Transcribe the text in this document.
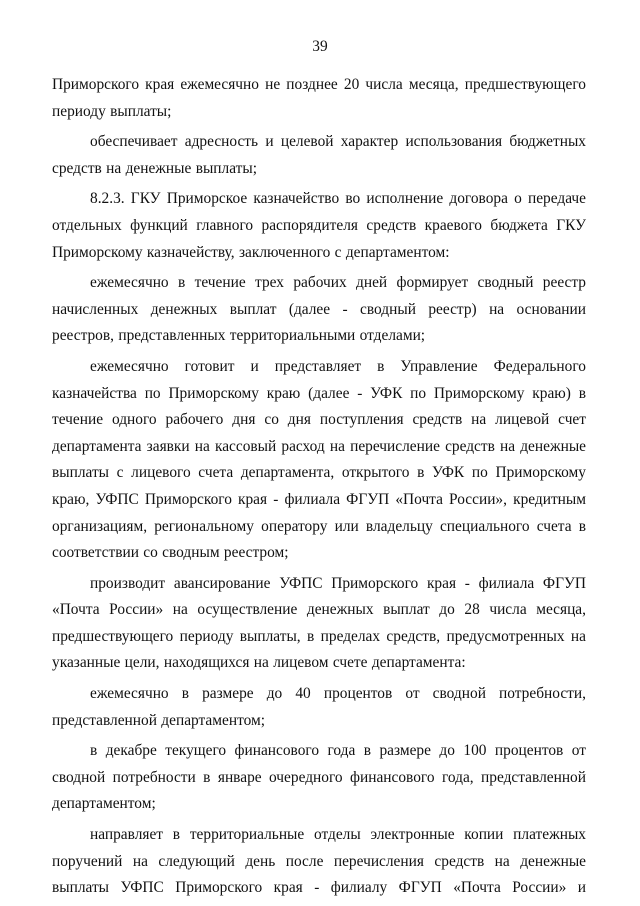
39

Приморского края ежемесячно не позднее 20 числа месяца, предшествующего периоду выплаты;

обеспечивает адресность и целевой характер использования бюджетных средств на денежные выплаты;

8.2.3. ГКУ Приморское казначейство во исполнение договора о передаче отдельных функций главного распорядителя средств краевого бюджета ГКУ Приморскому казначейству, заключенного с департаментом:

ежемесячно в течение трех рабочих дней формирует сводный реестр начисленных денежных выплат (далее - сводный реестр) на основании реестров, представленных территориальными отделами;

ежемесячно готовит и представляет в Управление Федерального казначейства по Приморскому краю (далее - УФК по Приморскому краю) в течение одного рабочего дня со дня поступления средств на лицевой счет департамента заявки на кассовый расход на перечисление средств на денежные выплаты с лицевого счета департамента, открытого в УФК по Приморскому краю, УФПС Приморского края - филиала ФГУП «Почта России», кредитным организациям, региональному оператору или владельцу специального счета в соответствии со сводным реестром;

производит авансирование УФПС Приморского края - филиала ФГУП «Почта России» на осуществление денежных выплат до 28 числа месяца, предшествующего периоду выплаты, в пределах средств, предусмотренных на указанные цели, находящихся на лицевом счете департамента:

ежемесячно в размере до 40 процентов от сводной потребности, представленной департаментом;

в декабре текущего финансового года в размере до 100 процентов от сводной потребности в январе очередного финансового года, представленной департаментом;

направляет в территориальные отделы электронные копии платежных поручений на следующий день после перечисления средств на денежные выплаты УФПС Приморского края - филиалу ФГУП «Почта России» и
